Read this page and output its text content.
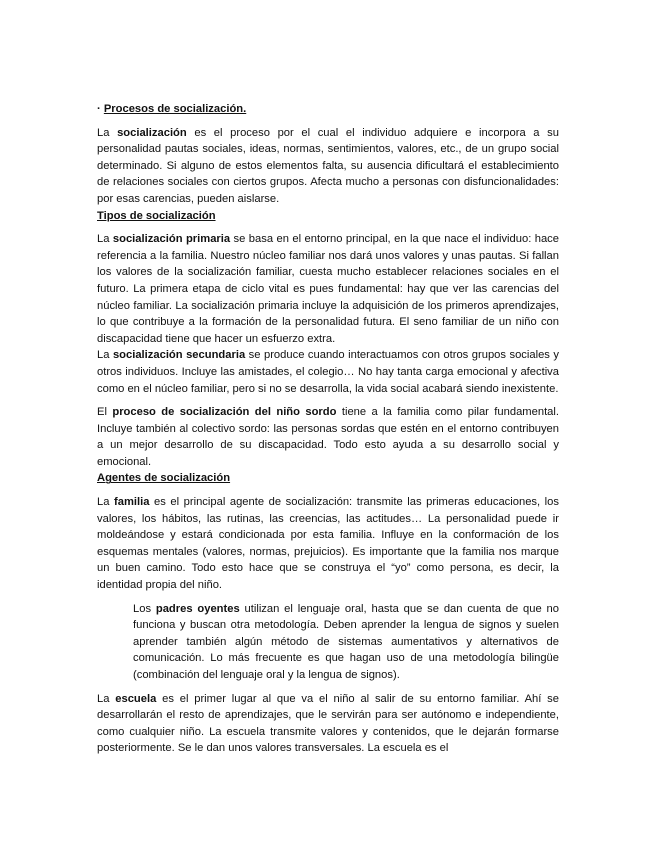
· Procesos de socialización.

La socialización es el proceso por el cual el individuo adquiere e incorpora a su personalidad pautas sociales, ideas, normas, sentimientos, valores, etc., de un grupo social determinado. Si alguno de estos elementos falta, su ausencia dificultará el establecimiento de relaciones sociales con ciertos grupos. Afecta mucho a personas con disfuncionalidades: por esas carencias, pueden aislarse.

Tipos de socialización

La socialización primaria se basa en el entorno principal, en la que nace el individuo: hace referencia a la familia. Nuestro núcleo familiar nos dará unos valores y unas pautas. Si fallan los valores de la socialización familiar, cuesta mucho establecer relaciones sociales en el futuro. La primera etapa de ciclo vital es pues fundamental: hay que ver las carencias del núcleo familiar. La socialización primaria incluye la adquisición de los primeros aprendizajes, lo que contribuye a la formación de la personalidad futura. El seno familiar de un niño con discapacidad tiene que hacer un esfuerzo extra.

La socialización secundaria se produce cuando interactuamos con otros grupos sociales y otros individuos. Incluye las amistades, el colegio… No hay tanta carga emocional y afectiva como en el núcleo familiar, pero si no se desarrolla, la vida social acabará siendo inexistente.

El proceso de socialización del niño sordo tiene a la familia como pilar fundamental. Incluye también al colectivo sordo: las personas sordas que estén en el entorno contribuyen a un mejor desarrollo de su discapacidad. Todo esto ayuda a su desarrollo social y emocional.

Agentes de socialización

La familia es el principal agente de socialización: transmite las primeras educaciones, los valores, los hábitos, las rutinas, las creencias, las actitudes… La personalidad puede ir moldeándose y estará condicionada por esta familia. Influye en la conformación de los esquemas mentales (valores, normas, prejuicios). Es importante que la familia nos marque un buen camino. Todo esto hace que se construya el “yo” como persona, es decir, la identidad propia del niño.

Los padres oyentes utilizan el lenguaje oral, hasta que se dan cuenta de que no funciona y buscan otra metodología. Deben aprender la lengua de signos y suelen aprender también algún método de sistemas aumentativos y alternativos de comunicación. Lo más frecuente es que hagan uso de una metodología bilingüe (combinación del lenguaje oral y la lengua de signos).

La escuela es el primer lugar al que va el niño al salir de su entorno familiar. Ahí se desarrollarán el resto de aprendizajes, que le servirán para ser autónomo e independiente, como cualquier niño. La escuela transmite valores y contenidos, que le dejarán formarse posteriormente. Se le dan unos valores transversales. La escuela es el
